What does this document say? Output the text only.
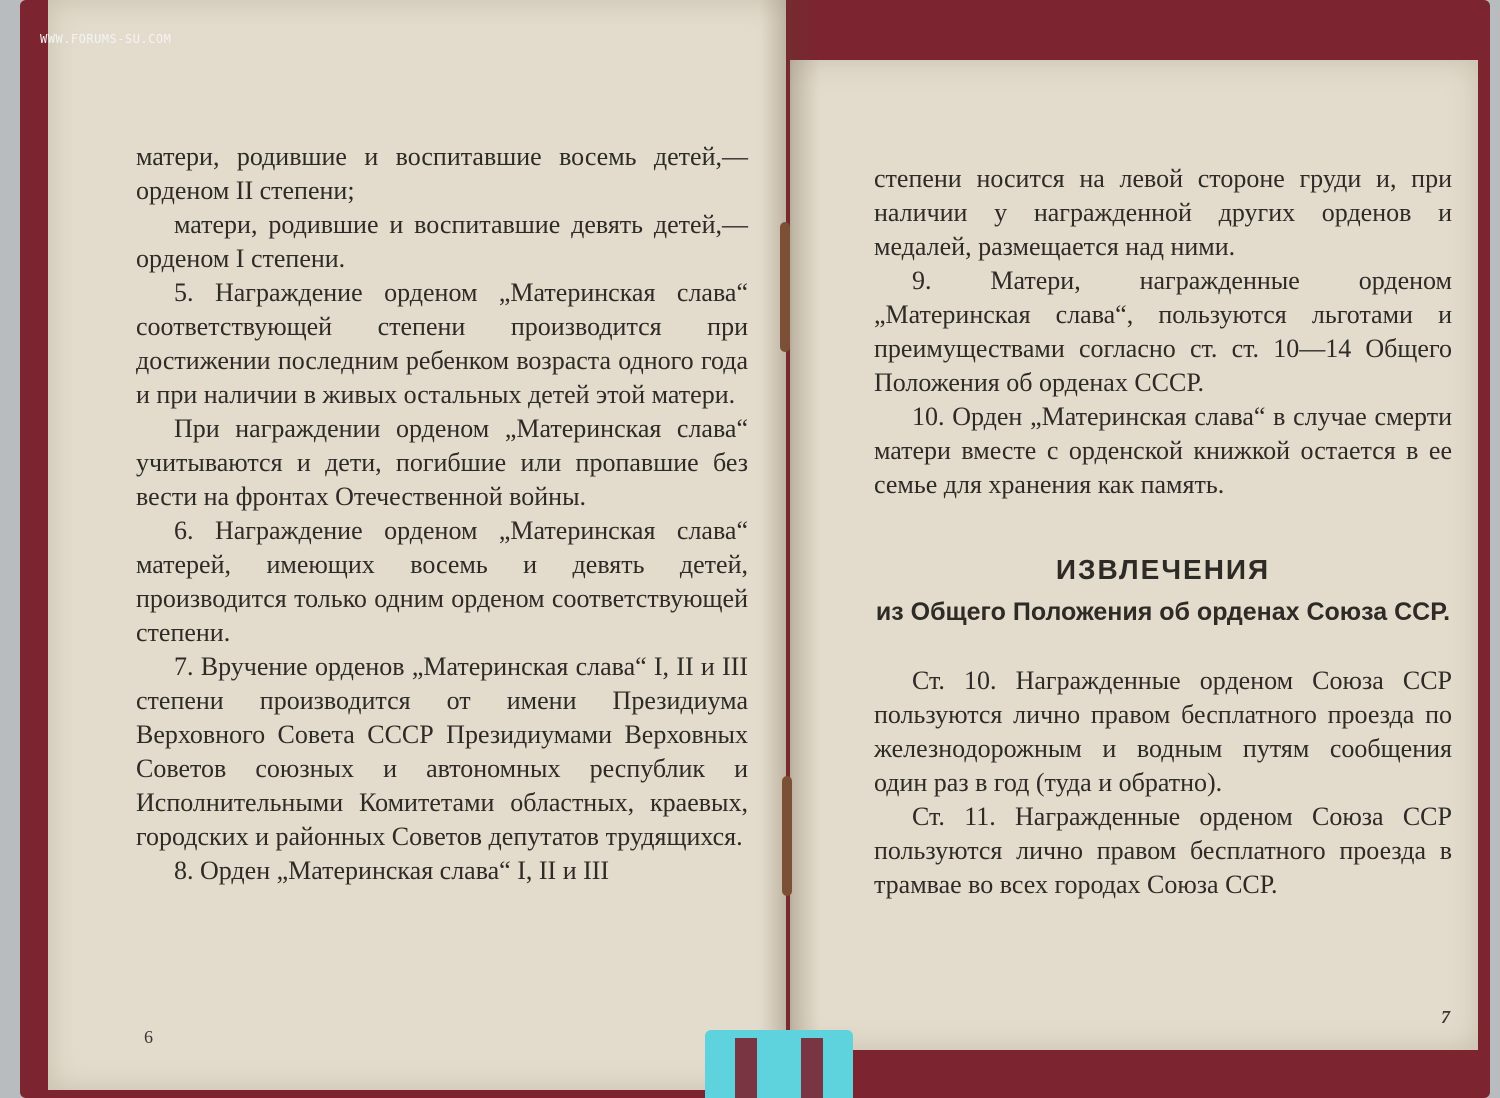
WWW.FORUMS-SU.COM

матери, родившие и воспитавшие восемь детей,—орденом II степени;

матери, родившие и воспитавшие девять детей,—орденом I степени.

5. Награждение орденом „Материнская слава“ соответствующей степени производится при достижении последним ребенком возраста одного года и при наличии в живых остальных детей этой матери.

При награждении орденом „Материнская слава“ учитываются и дети, погибшие или пропавшие без вести на фронтах Отечественной войны.

6. Награждение орденом „Материнская слава“ матерей, имеющих восемь и девять детей, производится только одним орденом соответствующей степени.

7. Вручение орденов „Материнская слава“ I, II и III степени производится от имени Президиума Верховного Совета СССР Президиумами Верховных Советов союзных и автономных республик и Исполнительными Комитетами областных, краевых, городских и районных Советов депутатов трудящихся.

8. Орден „Материнская слава“ I, II и III

6

степени носится на левой стороне груди и, при наличии у награжденной других орденов и медалей, размещается над ними.

9. Матери, награжденные орденом „Материнская слава“, пользуются льготами и преимуществами согласно ст. ст. 10—14 Общего Положения об орденах СССР.

10. Орден „Материнская слава“ в случае смерти матери вместе с орденской книжкой остается в ее семье для хранения как память.

ИЗВЛЕЧЕНИЯ
из Общего Положения об орденах Союза ССР.

Ст. 10. Награжденные орденом Союза ССР пользуются лично правом бесплатного проезда по железнодорожным и водным путям сообщения один раз в год (туда и обратно).

Ст. 11. Награжденные орденом Союза ССР пользуются лично правом бесплатного проезда в трамвае во всех городах Союза ССР.

7
